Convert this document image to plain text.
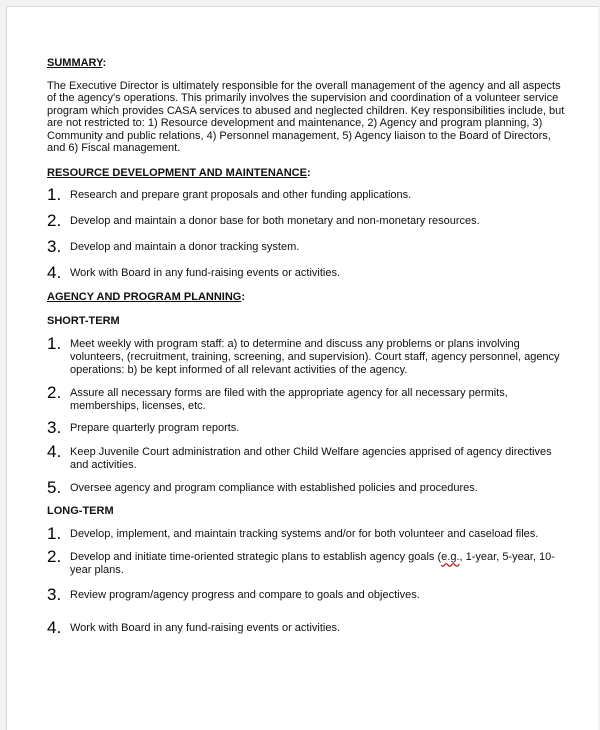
SUMMARY:

The Executive Director is ultimately responsible for the overall management of the agency and all aspects of the agency's operations. This primarily involves the supervision and coordination of a volunteer service program which provides CASA services to abused and neglected children. Key responsibilities include, but are not restricted to: 1) Resource development and maintenance, 2) Agency and program planning, 3) Community and public relations, 4) Personnel management, 5) Agency liaison to the Board of Directors, and 6) Fiscal management.

RESOURCE DEVELOPMENT AND MAINTENANCE:

1. Research and prepare grant proposals and other funding applications.
2. Develop and maintain a donor base for both monetary and non-monetary resources.
3. Develop and maintain a donor tracking system.
4. Work with Board in any fund-raising events or activities.

AGENCY AND PROGRAM PLANNING:

SHORT-TERM

1. Meet weekly with program staff: a) to determine and discuss any problems or plans involving volunteers, (recruitment, training, screening, and supervision). Court staff, agency personnel, agency operations: b) be kept informed of all relevant activities of the agency.
2. Assure all necessary forms are filed with the appropriate agency for all necessary permits, memberships, licenses, etc.
3. Prepare quarterly program reports.
4. Keep Juvenile Court administration and other Child Welfare agencies apprised of agency directives and activities.
5. Oversee agency and program compliance with established policies and procedures.

LONG-TERM

1. Develop, implement, and maintain tracking systems and/or for both volunteer and caseload files.
2. Develop and initiate time-oriented strategic plans to establish agency goals (e.g., 1-year, 5-year, 10-year plans.
3. Review program/agency progress and compare to goals and objectives.
4. Work with Board in any fund-raising events or activities.
